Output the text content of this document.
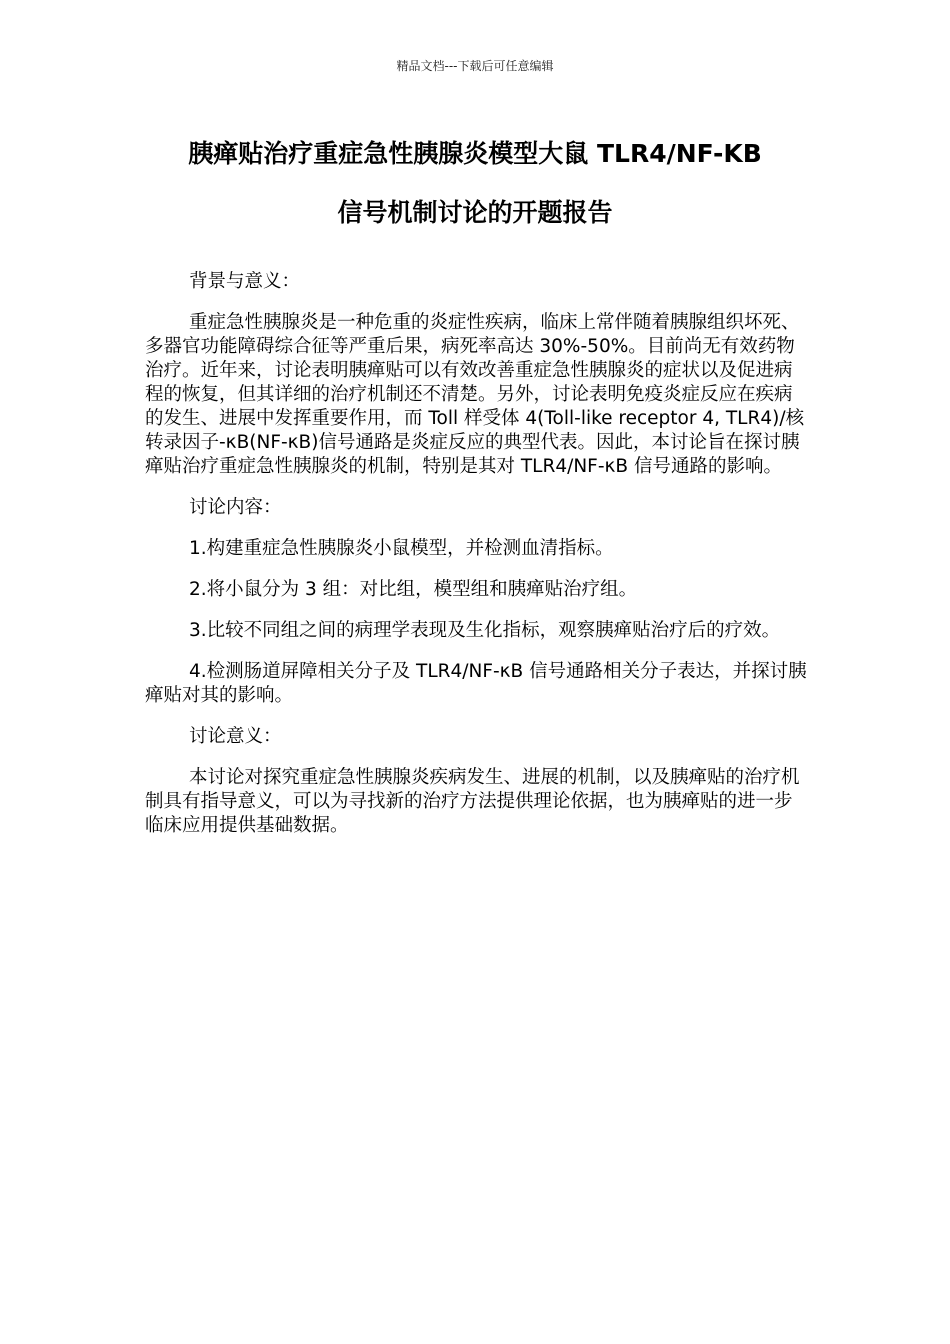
精品文档---下载后可任意编辑
胰瘅贴治疗重症急性胰腺炎模型大鼠 TLR4/NF-KB
信号机制讨论的开题报告

背景与意义：

重症急性胰腺炎是一种危重的炎症性疾病，临床上常伴随着胰腺组织坏死、多器官功能障碍综合征等严重后果，病死率高达 30%-50%。目前尚无有效药物治疗。近年来，讨论表明胰瘅贴可以有效改善重症急性胰腺炎的症状以及促进病程的恢复，但其详细的治疗机制还不清楚。另外，讨论表明免疫炎症反应在疾病的发生、进展中发挥重要作用，而 Toll 样受体 4(Toll-like receptor 4, TLR4)/核转录因子-κB(NF-κB)信号通路是炎症反应的典型代表。因此，本讨论旨在探讨胰瘅贴治疗重症急性胰腺炎的机制，特别是其对 TLR4/NF-κB 信号通路的影响。

讨论内容：

1.构建重症急性胰腺炎小鼠模型，并检测血清指标。

2.将小鼠分为 3 组：对比组，模型组和胰瘅贴治疗组。

3.比较不同组之间的病理学表现及生化指标，观察胰瘅贴治疗后的疗效。

4.检测肠道屏障相关分子及 TLR4/NF-κB 信号通路相关分子表达，并探讨胰瘅贴对其的影响。

讨论意义：

本讨论对探究重症急性胰腺炎疾病发生、进展的机制，以及胰瘅贴的治疗机制具有指导意义，可以为寻找新的治疗方法提供理论依据，也为胰瘅贴的进一步临床应用提供基础数据。
